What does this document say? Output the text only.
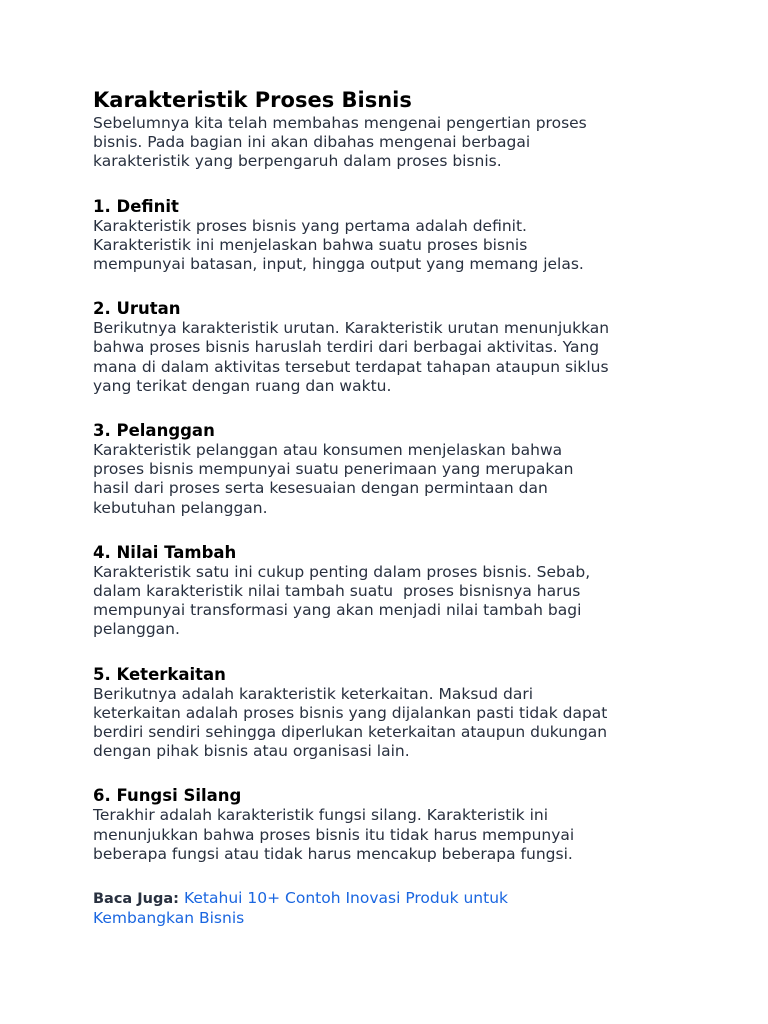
Karakteristik Proses Bisnis

Sebelumnya kita telah membahas mengenai pengertian proses
bisnis. Pada bagian ini akan dibahas mengenai berbagai
karakteristik yang berpengaruh dalam proses bisnis.

1. Definit

Karakteristik proses bisnis yang pertama adalah definit.
Karakteristik ini menjelaskan bahwa suatu proses bisnis
mempunyai batasan, input, hingga output yang memang jelas.

2. Urutan

Berikutnya karakteristik urutan. Karakteristik urutan menunjukkan
bahwa proses bisnis haruslah terdiri dari berbagai aktivitas. Yang
mana di dalam aktivitas tersebut terdapat tahapan ataupun siklus
yang terikat dengan ruang dan waktu.

3. Pelanggan

Karakteristik pelanggan atau konsumen menjelaskan bahwa
proses bisnis mempunyai suatu penerimaan yang merupakan
hasil dari proses serta kesesuaian dengan permintaan dan
kebutuhan pelanggan.

4. Nilai Tambah

Karakteristik satu ini cukup penting dalam proses bisnis. Sebab,
dalam karakteristik nilai tambah suatu  proses bisnisnya harus
mempunyai transformasi yang akan menjadi nilai tambah bagi
pelanggan.

5. Keterkaitan

Berikutnya adalah karakteristik keterkaitan. Maksud dari
keterkaitan adalah proses bisnis yang dijalankan pasti tidak dapat
berdiri sendiri sehingga diperlukan keterkaitan ataupun dukungan
dengan pihak bisnis atau organisasi lain.

6. Fungsi Silang

Terakhir adalah karakteristik fungsi silang. Karakteristik ini
menunjukkan bahwa proses bisnis itu tidak harus mempunyai
beberapa fungsi atau tidak harus mencakup beberapa fungsi.

Baca Juga: Ketahui 10+ Contoh Inovasi Produk untuk
Kembangkan Bisnis
